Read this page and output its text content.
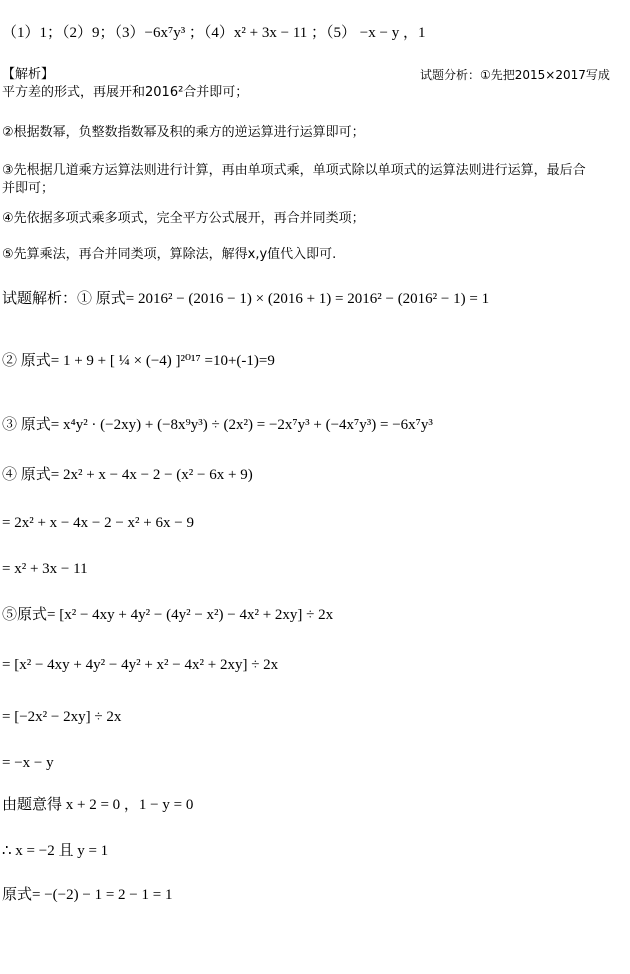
（1）1；（2）9；（3）−6x⁷y³ ；（4）x² + 3x − 11 ；（5） −x − y ，1
【解析】	试题分析：①先把2015×2017写成
平方差的形式，再展开和2016²合并即可；
②根据数幂，负整数指数幂及积的乘方的逆运算进行运算即可；
③先根据几道乘方运算法则进行计算，再由单项式乘，单项式除以单项式的运算法则进行运算，最后合
并即可；
④先依据多项式乘多项式，完全平方公式展开，再合并同类项；
⑤先算乘法，再合并同类项，算除法，解得x,y值代入即可.
试题解析：① 原式= 2016² − (2016 − 1) × (2016 + 1) = 2016² − (2016² − 1) = 1
② 原式= 1 + 9 + [ ¼ × (−4) ]²⁰¹⁷ =10+(-1)=9
③ 原式= x⁴y² · (−2xy) + (−8x⁹y³) ÷ (2x²) = −2x⁷y³ + (−4x⁷y³) = −6x⁷y³
④ 原式= 2x² + x − 4x − 2 − (x² − 6x + 9)
= 2x² + x − 4x − 2 − x² + 6x − 9
= x² + 3x − 11
⑤原式= [x² − 4xy + 4y² − (4y² − x²) − 4x² + 2xy] ÷ 2x
= [x² − 4xy + 4y² − 4y² + x² − 4x² + 2xy] ÷ 2x
= [−2x² − 2xy] ÷ 2x
= −x − y
由题意得 x + 2 = 0 ，1 − y = 0
∴ x = −2 且 y = 1
原式= −(−2) − 1 = 2 − 1 = 1
